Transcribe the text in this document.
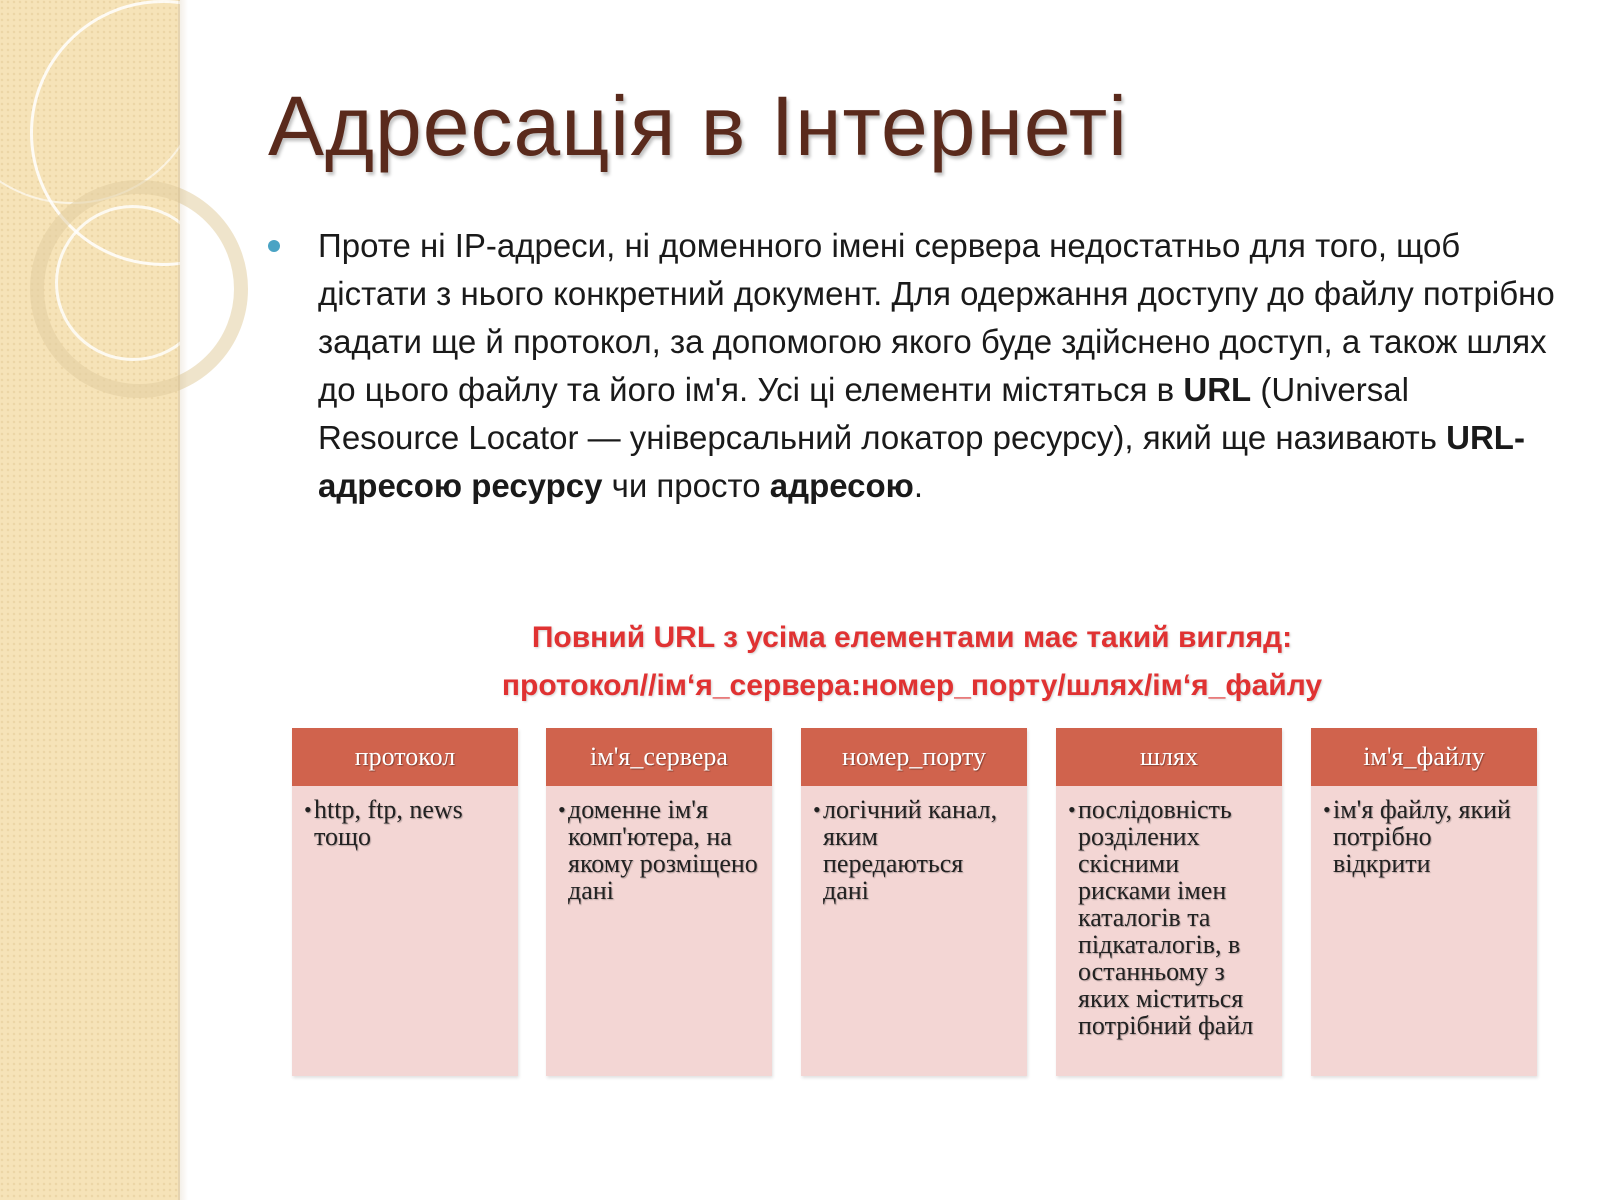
Адресація в Інтернеті
Проте ні IP-адреси, ні доменного імені сервера недостатньо для того, щоб дістати з нього конкретний документ. Для одержання доступу до файлу потрібно задати ще й протокол, за допомогою якого буде здійснено доступ, а також шлях до цього файлу та його ім'я. Усі ці елементи містяться в URL (Universal Resource Locator — універсальний локатор ресурсу), який ще називають URL-адресою ресурсу чи просто адресою.
Повний URL з усіма елементами має такий вигляд:
протокол//ім‘я_сервера:номер_порту/шлях/ім‘я_файлу
протокол
• http, ftp, news тощо
ім'я_сервера
• доменне ім'я комп'ютера, на якому розміщено дані
номер_порту
• логічний канал, яким передаються дані
шлях
• послідовність розділених скісними рисками імен каталогів та підкаталогів, в останньому з яких міститься потрібний файл
ім'я_файлу
• ім'я файлу, який потрібно відкрити
